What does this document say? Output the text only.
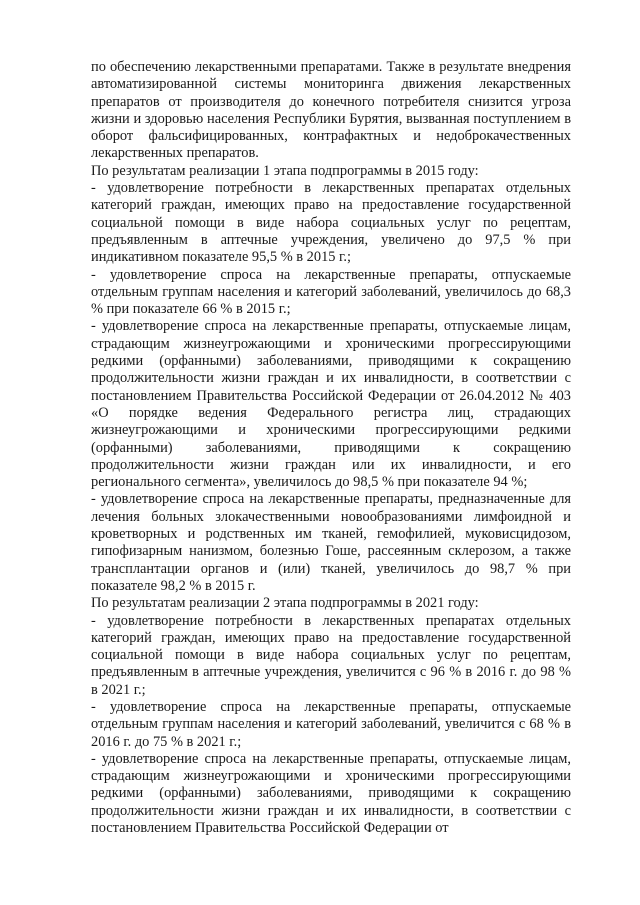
по обеспечению лекарственными препаратами. Также в результате внедрения автоматизированной системы мониторинга движения лекарственных препаратов от производителя до конечного потребителя снизится угроза жизни и здоровью населения Республики Бурятия, вызванная поступлением в оборот фальсифицированных, контрафактных и недоброкачественных лекарственных препаратов.

По результатам реализации 1 этапа подпрограммы в 2015 году:

- удовлетворение потребности в лекарственных препаратах отдельных категорий граждан, имеющих право на предоставление государственной социальной помощи в виде набора социальных услуг по рецептам, предъявленным в аптечные учреждения, увеличено до 97,5 % при индикативном показателе 95,5 % в 2015 г.;

- удовлетворение спроса на лекарственные препараты, отпускаемые отдельным группам населения и категорий заболеваний, увеличилось до 68,3 % при показателе 66 % в 2015 г.;

- удовлетворение спроса на лекарственные препараты, отпускаемые лицам, страдающим жизнеугрожающими и хроническими прогрессирующими редкими (орфанными) заболеваниями, приводящими к сокращению продолжительности жизни граждан и их инвалидности, в соответствии с постановлением Правительства Российской Федерации от 26.04.2012 № 403 «О порядке ведения Федерального регистра лиц, страдающих жизнеугрожающими и хроническими прогрессирующими редкими (орфанными) заболеваниями, приводящими к сокращению продолжительности жизни граждан или их инвалидности, и его регионального сегмента», увеличилось до 98,5 % при показателе 94 %;

- удовлетворение спроса на лекарственные препараты, предназначенные для лечения больных злокачественными новообразованиями лимфоидной и кроветворных и родственных им тканей, гемофилией, муковисцидозом, гипофизарным нанизмом, болезнью Гоше, рассеянным склерозом, а также трансплантации органов и (или) тканей, увеличилось до 98,7 % при показателе 98,2 % в 2015 г.

По результатам реализации 2 этапа подпрограммы в 2021 году:

- удовлетворение потребности в лекарственных препаратах отдельных категорий граждан, имеющих право на предоставление государственной социальной помощи в виде набора социальных услуг по рецептам, предъявленным в аптечные учреждения, увеличится с 96 % в 2016 г. до 98 % в 2021 г.;

- удовлетворение спроса на лекарственные препараты, отпускаемые отдельным группам населения и категорий заболеваний, увеличится с 68 % в 2016 г. до 75 % в 2021 г.;

- удовлетворение спроса на лекарственные препараты, отпускаемые лицам, страдающим жизнеугрожающими и хроническими прогрессирующими редкими (орфанными) заболеваниями, приводящими к сокращению продолжительности жизни граждан и их инвалидности, в соответствии с постановлением Правительства Российской Федерации от
